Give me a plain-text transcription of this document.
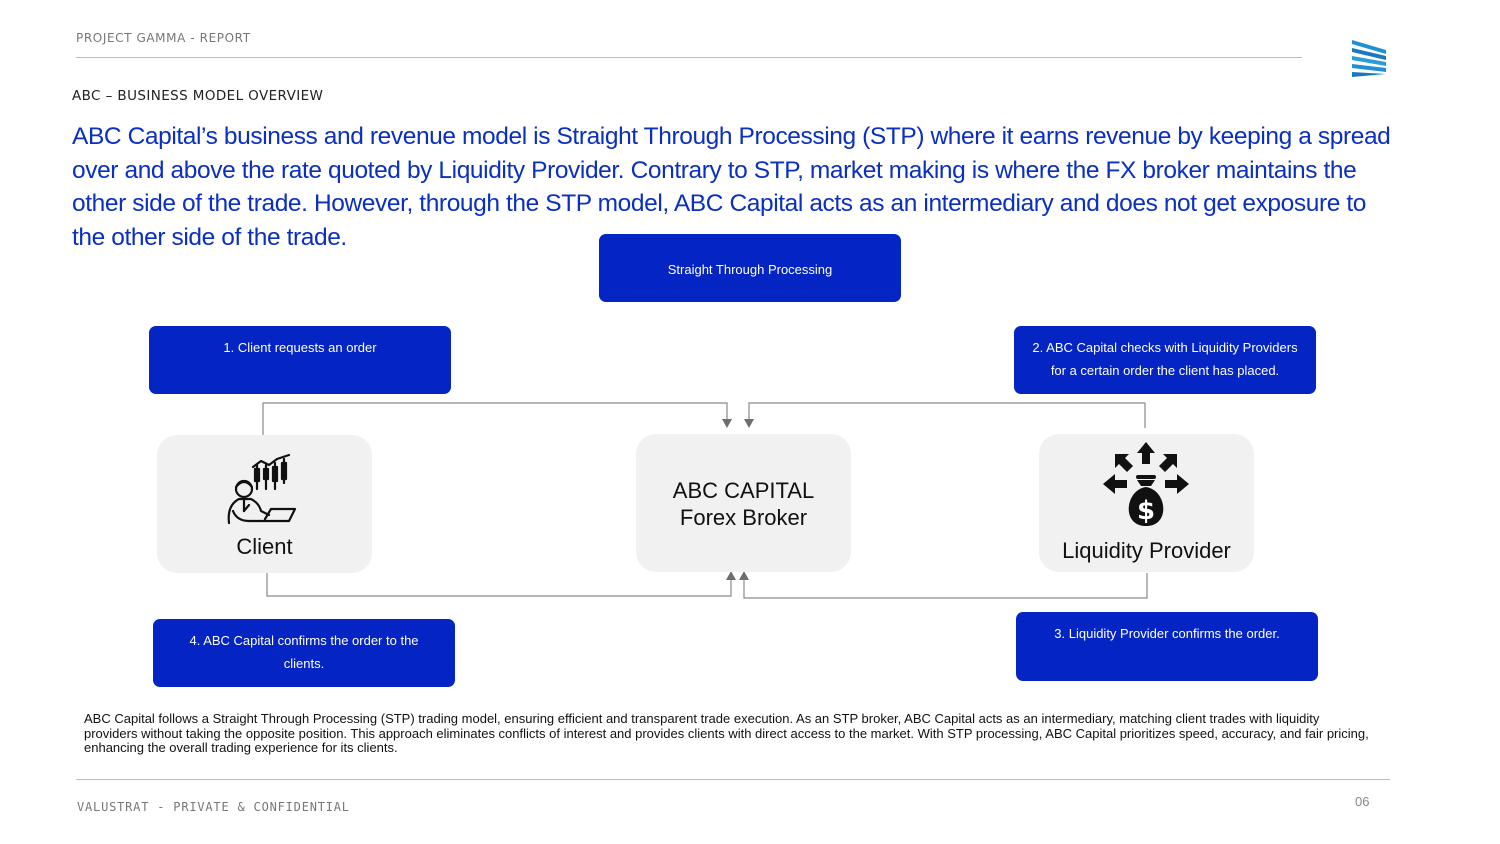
PROJECT GAMMA - REPORT
ABC – BUSINESS MODEL OVERVIEW
ABC Capital’s business and revenue model is Straight Through Processing (STP) where it earns revenue by keeping a spread over and above the rate quoted by Liquidity Provider. Contrary to STP, market making is where the FX broker maintains the other side of the trade. However, through the STP model, ABC Capital acts as an intermediary and does not get exposure to the other side of the trade.
Straight Through Processing
1. Client requests an order	2. ABC Capital checks with Liquidity Providers for a certain order the client has placed.
3. Liquidity Provider confirms the order.
4. ABC Capital confirms the order to the clients.
Client
ABC CAPITAL
Forex Broker	$
Liquidity Provider
ABC Capital follows a Straight Through Processing (STP) trading model, ensuring efficient and transparent trade execution. As an STP broker, ABC Capital acts as an intermediary, matching client trades with liquidity providers without taking the opposite position. This approach eliminates conflicts of interest and provides clients with direct access to the market. With STP processing, ABC Capital prioritizes speed, accuracy, and fair pricing, enhancing the overall trading experience for its clients.
VALUSTRAT - PRIVATE & CONFIDENTIAL	06
